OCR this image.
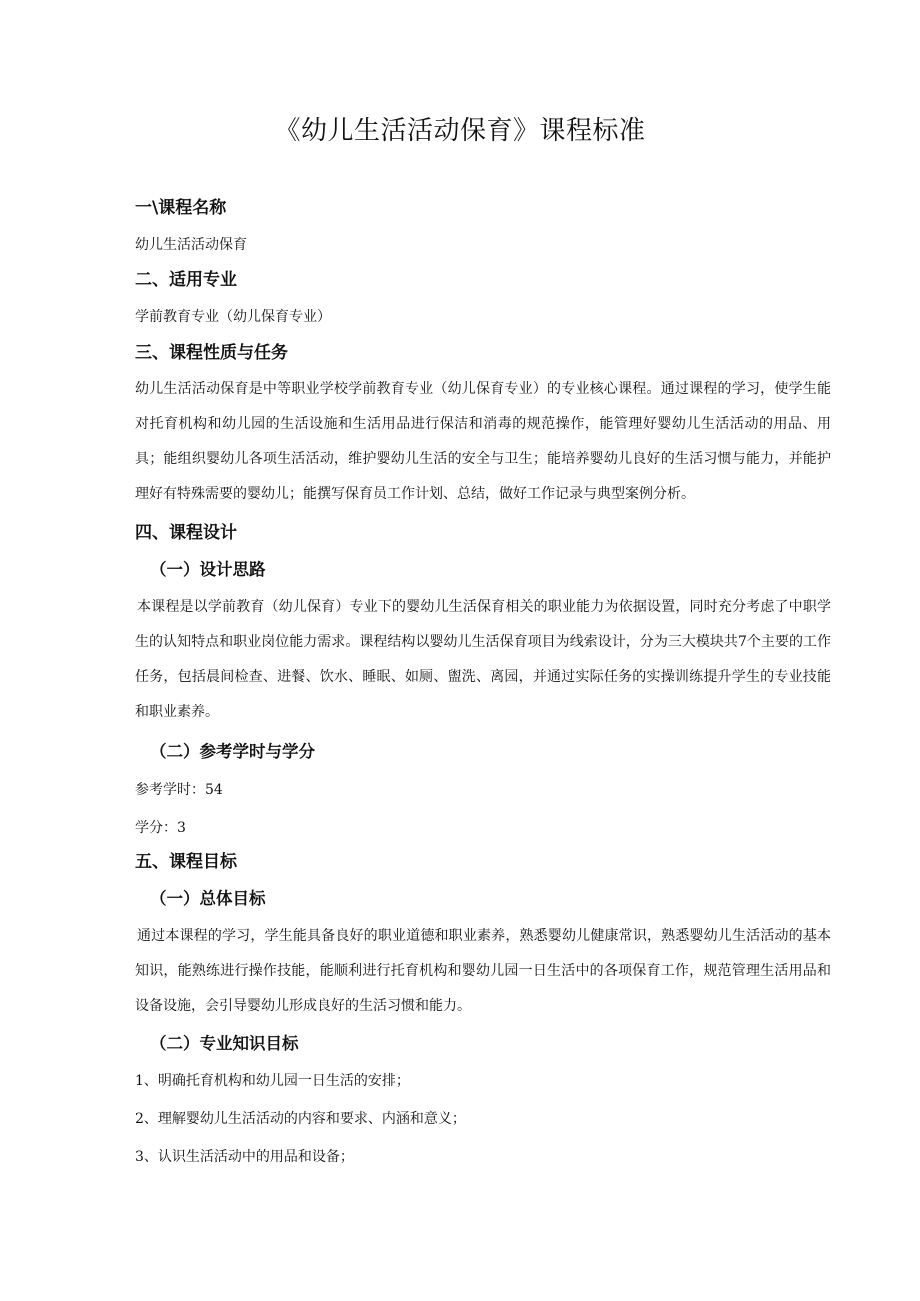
《幼儿生活活动保育》课程标准
一\课程名称

幼儿生活活动保育

二、适用专业

学前教育专业（幼儿保育专业）

三、课程性质与任务

幼儿生活活动保育是中等职业学校学前教育专业（幼儿保育专业）的专业核心课程。通过课程的学习，使学生能对托育机构和幼儿园的生活设施和生活用品进行保洁和消毒的规范操作，能管理好婴幼儿生活活动的用品、用具；能组织婴幼儿各项生活活动，维护婴幼儿生活的安全与卫生；能培养婴幼儿良好的生活习惯与能力，并能护理好有特殊需要的婴幼儿；能撰写保育员工作计划、总结，做好工作记录与典型案例分析。

四、课程设计
（一）设计思路

本课程是以学前教育（幼儿保育）专业下的婴幼儿生活保育相关的职业能力为依据设置，同时充分考虑了中职学生的认知特点和职业岗位能力需求。课程结构以婴幼儿生活保育项目为线索设计，分为三大模块共7个主要的工作任务，包括晨间检查、进餐、饮水、睡眠、如厕、盥洗、离园，并通过实际任务的实操训练提升学生的专业技能和职业素养。

（二）参考学时与学分

参考学时：54

学分：3

五、课程目标
（一）总体目标

通过本课程的学习，学生能具备良好的职业道德和职业素养，熟悉婴幼儿健康常识，熟悉婴幼儿生活活动的基本知识，能熟练进行操作技能，能顺利进行托育机构和婴幼儿园一日生活中的各项保育工作，规范管理生活用品和设备设施，会引导婴幼儿形成良好的生活习惯和能力。

（二）专业知识目标

1、明确托育机构和幼儿园一日生活的安排；

2、理解婴幼儿生活活动的内容和要求、内涵和意义；

3、认识生活活动中的用品和设备；
